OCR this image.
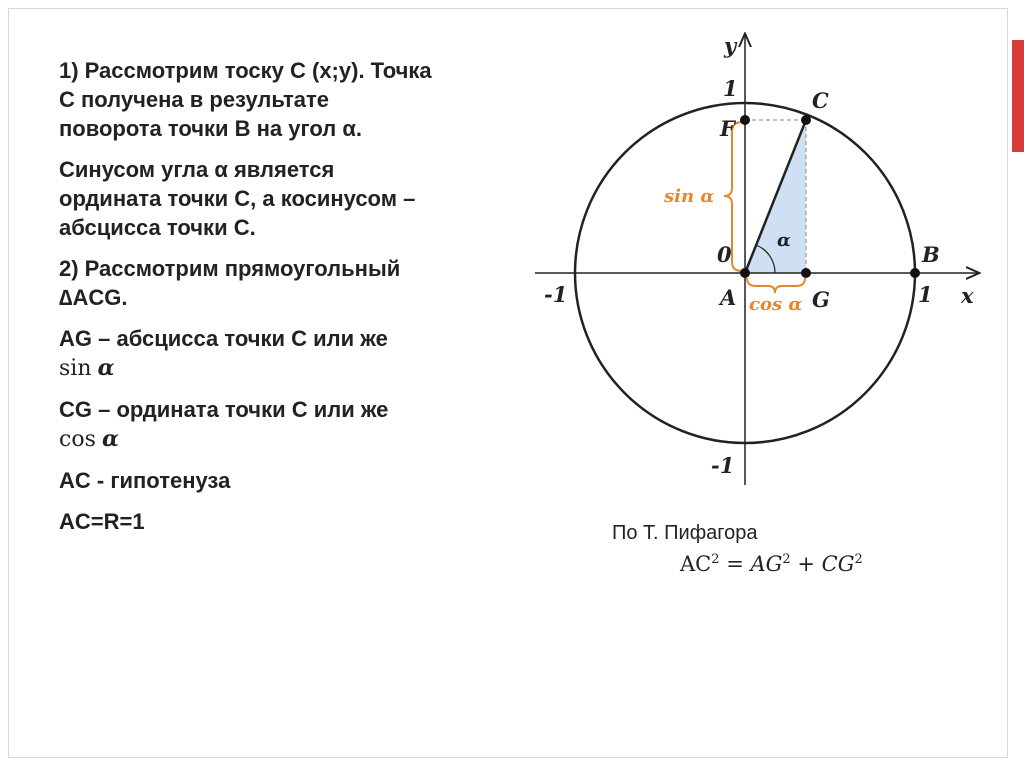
1) Рассмотрим тоску С (x;y). Точка
С получена в результате
поворота точки В на угол α.

Синусом угла α является
ордината точки С, а косинусом –
абсцисса точки С.

2) Рассмотрим прямоугольный
∆ACG.

AG – абсцисса точки С или же
sin α

CG – ордината точки С или же
cos α

AC - гипотенуза

AC=R=1

y
x
1
-1
-1	1
0
A
B
C
F
G
sin α
cos α
α
По Т. Пифагора
$AC^2 = AG^2 + CG^2$
